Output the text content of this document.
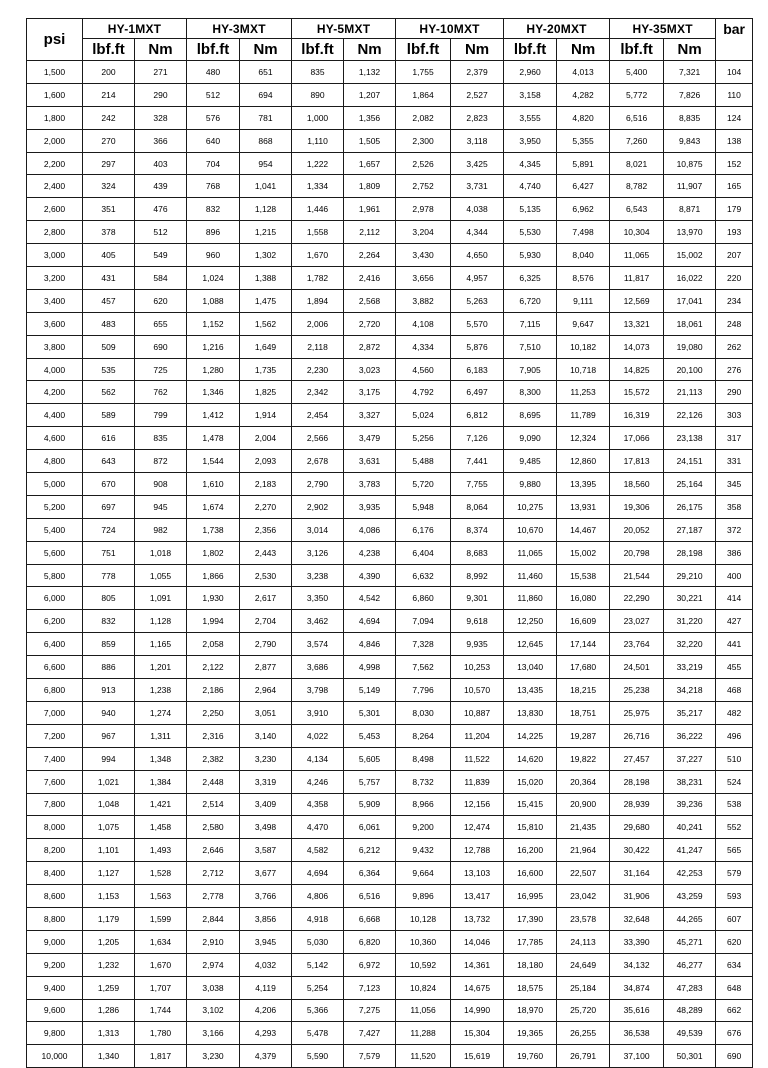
psi	HY-1MXT		HY-3MXT		HY-5MXT		HY-10MXT		HY-20MXT		HY-35MXT		bar
	lbf.ft	Nm	lbf.ft	Nm	lbf.ft	Nm	lbf.ft	Nm	lbf.ft	Nm	lbf.ft	Nm	
1,500	200	271	480	651	835	1,132	1,755	2,379	2,960	4,013	5,400	7,321	104
1,600	214	290	512	694	890	1,207	1,864	2,527	3,158	4,282	5,772	7,826	110
1,800	242	328	576	781	1,000	1,356	2,082	2,823	3,555	4,820	6,516	8,835	124
2,000	270	366	640	868	1,110	1,505	2,300	3,118	3,950	5,355	7,260	9,843	138
2,200	297	403	704	954	1,222	1,657	2,526	3,425	4,345	5,891	8,021	10,875	152
2,400	324	439	768	1,041	1,334	1,809	2,752	3,731	4,740	6,427	8,782	11,907	165
2,600	351	476	832	1,128	1,446	1,961	2,978	4,038	5,135	6,962	6,543	8,871	179
2,800	378	512	896	1,215	1,558	2,112	3,204	4,344	5,530	7,498	10,304	13,970	193
3,000	405	549	960	1,302	1,670	2,264	3,430	4,650	5,930	8,040	11,065	15,002	207
3,200	431	584	1,024	1,388	1,782	2,416	3,656	4,957	6,325	8,576	11,817	16,022	220
3,400	457	620	1,088	1,475	1,894	2,568	3,882	5,263	6,720	9,111	12,569	17,041	234
3,600	483	655	1,152	1,562	2,006	2,720	4,108	5,570	7,115	9,647	13,321	18,061	248
3,800	509	690	1,216	1,649	2,118	2,872	4,334	5,876	7,510	10,182	14,073	19,080	262
4,000	535	725	1,280	1,735	2,230	3,023	4,560	6,183	7,905	10,718	14,825	20,100	276
4,200	562	762	1,346	1,825	2,342	3,175	4,792	6,497	8,300	11,253	15,572	21,113	290
4,400	589	799	1,412	1,914	2,454	3,327	5,024	6,812	8,695	11,789	16,319	22,126	303
4,600	616	835	1,478	2,004	2,566	3,479	5,256	7,126	9,090	12,324	17,066	23,138	317
4,800	643	872	1,544	2,093	2,678	3,631	5,488	7,441	9,485	12,860	17,813	24,151	331
5,000	670	908	1,610	2,183	2,790	3,783	5,720	7,755	9,880	13,395	18,560	25,164	345
5,200	697	945	1,674	2,270	2,902	3,935	5,948	8,064	10,275	13,931	19,306	26,175	358
5,400	724	982	1,738	2,356	3,014	4,086	6,176	8,374	10,670	14,467	20,052	27,187	372
5,600	751	1,018	1,802	2,443	3,126	4,238	6,404	8,683	11,065	15,002	20,798	28,198	386
5,800	778	1,055	1,866	2,530	3,238	4,390	6,632	8,992	11,460	15,538	21,544	29,210	400
6,000	805	1,091	1,930	2,617	3,350	4,542	6,860	9,301	11,860	16,080	22,290	30,221	414
6,200	832	1,128	1,994	2,704	3,462	4,694	7,094	9,618	12,250	16,609	23,027	31,220	427
6,400	859	1,165	2,058	2,790	3,574	4,846	7,328	9,935	12,645	17,144	23,764	32,220	441
6,600	886	1,201	2,122	2,877	3,686	4,998	7,562	10,253	13,040	17,680	24,501	33,219	455
6,800	913	1,238	2,186	2,964	3,798	5,149	7,796	10,570	13,435	18,215	25,238	34,218	468
7,000	940	1,274	2,250	3,051	3,910	5,301	8,030	10,887	13,830	18,751	25,975	35,217	482
7,200	967	1,311	2,316	3,140	4,022	5,453	8,264	11,204	14,225	19,287	26,716	36,222	496
7,400	994	1,348	2,382	3,230	4,134	5,605	8,498	11,522	14,620	19,822	27,457	37,227	510
7,600	1,021	1,384	2,448	3,319	4,246	5,757	8,732	11,839	15,020	20,364	28,198	38,231	524
7,800	1,048	1,421	2,514	3,409	4,358	5,909	8,966	12,156	15,415	20,900	28,939	39,236	538
8,000	1,075	1,458	2,580	3,498	4,470	6,061	9,200	12,474	15,810	21,435	29,680	40,241	552
8,200	1,101	1,493	2,646	3,587	4,582	6,212	9,432	12,788	16,200	21,964	30,422	41,247	565
8,400	1,127	1,528	2,712	3,677	4,694	6,364	9,664	13,103	16,600	22,507	31,164	42,253	579
8,600	1,153	1,563	2,778	3,766	4,806	6,516	9,896	13,417	16,995	23,042	31,906	43,259	593
8,800	1,179	1,599	2,844	3,856	4,918	6,668	10,128	13,732	17,390	23,578	32,648	44,265	607
9,000	1,205	1,634	2,910	3,945	5,030	6,820	10,360	14,046	17,785	24,113	33,390	45,271	620
9,200	1,232	1,670	2,974	4,032	5,142	6,972	10,592	14,361	18,180	24,649	34,132	46,277	634
9,400	1,259	1,707	3,038	4,119	5,254	7,123	10,824	14,675	18,575	25,184	34,874	47,283	648
9,600	1,286	1,744	3,102	4,206	5,366	7,275	11,056	14,990	18,970	25,720	35,616	48,289	662
9,800	1,313	1,780	3,166	4,293	5,478	7,427	11,288	15,304	19,365	26,255	36,538	49,539	676
10,000	1,340	1,817	3,230	4,379	5,590	7,579	11,520	15,619	19,760	26,791	37,100	50,301	690
